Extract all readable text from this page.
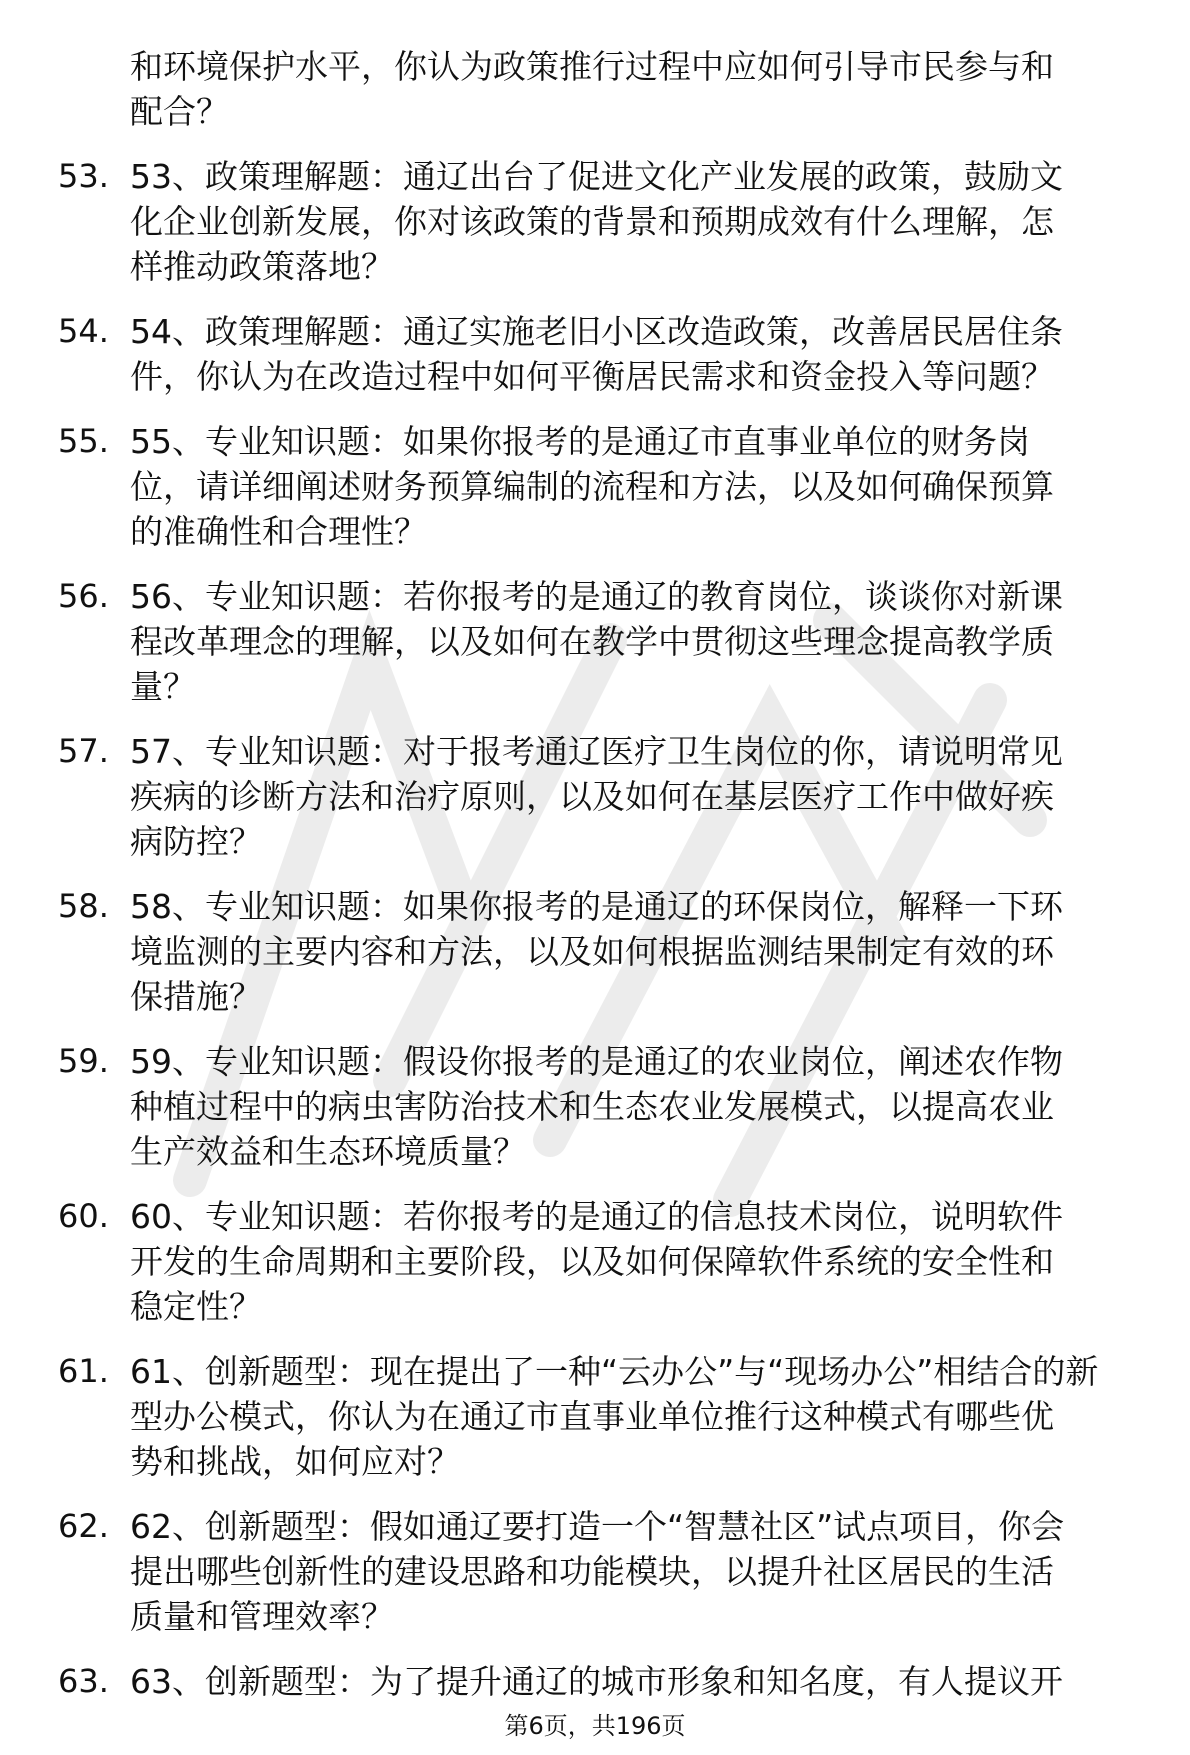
和环境保护水平，你认为政策推行过程中应如何引导市民参与和
配合？
53. 53、政策理解题：通辽出台了促进文化产业发展的政策，鼓励文
化企业创新发展，你对该政策的背景和预期成效有什么理解，怎
样推动政策落地？
54. 54、政策理解题：通辽实施老旧小区改造政策，改善居民居住条
件，你认为在改造过程中如何平衡居民需求和资金投入等问题？
55. 55、专业知识题：如果你报考的是通辽市直事业单位的财务岗
位，请详细阐述财务预算编制的流程和方法，以及如何确保预算
的准确性和合理性？
56. 56、专业知识题：若你报考的是通辽的教育岗位，谈谈你对新课
程改革理念的理解，以及如何在教学中贯彻这些理念提高教学质
量？
57. 57、专业知识题：对于报考通辽医疗卫生岗位的你，请说明常见
疾病的诊断方法和治疗原则，以及如何在基层医疗工作中做好疾
病防控？
58. 58、专业知识题：如果你报考的是通辽的环保岗位，解释一下环
境监测的主要内容和方法，以及如何根据监测结果制定有效的环
保措施？
59. 59、专业知识题：假设你报考的是通辽的农业岗位，阐述农作物
种植过程中的病虫害防治技术和生态农业发展模式，以提高农业
生产效益和生态环境质量？
60. 60、专业知识题：若你报考的是通辽的信息技术岗位，说明软件
开发的生命周期和主要阶段，以及如何保障软件系统的安全性和
稳定性？
61. 61、创新题型：现在提出了一种“云办公”与“现场办公”相结合的新
型办公模式，你认为在通辽市直事业单位推行这种模式有哪些优
势和挑战，如何应对？
62. 62、创新题型：假如通辽要打造一个“智慧社区”试点项目，你会
提出哪些创新性的建设思路和功能模块，以提升社区居民的生活
质量和管理效率？
63. 63、创新题型：为了提升通辽的城市形象和知名度，有人提议开
第6页，共196页
